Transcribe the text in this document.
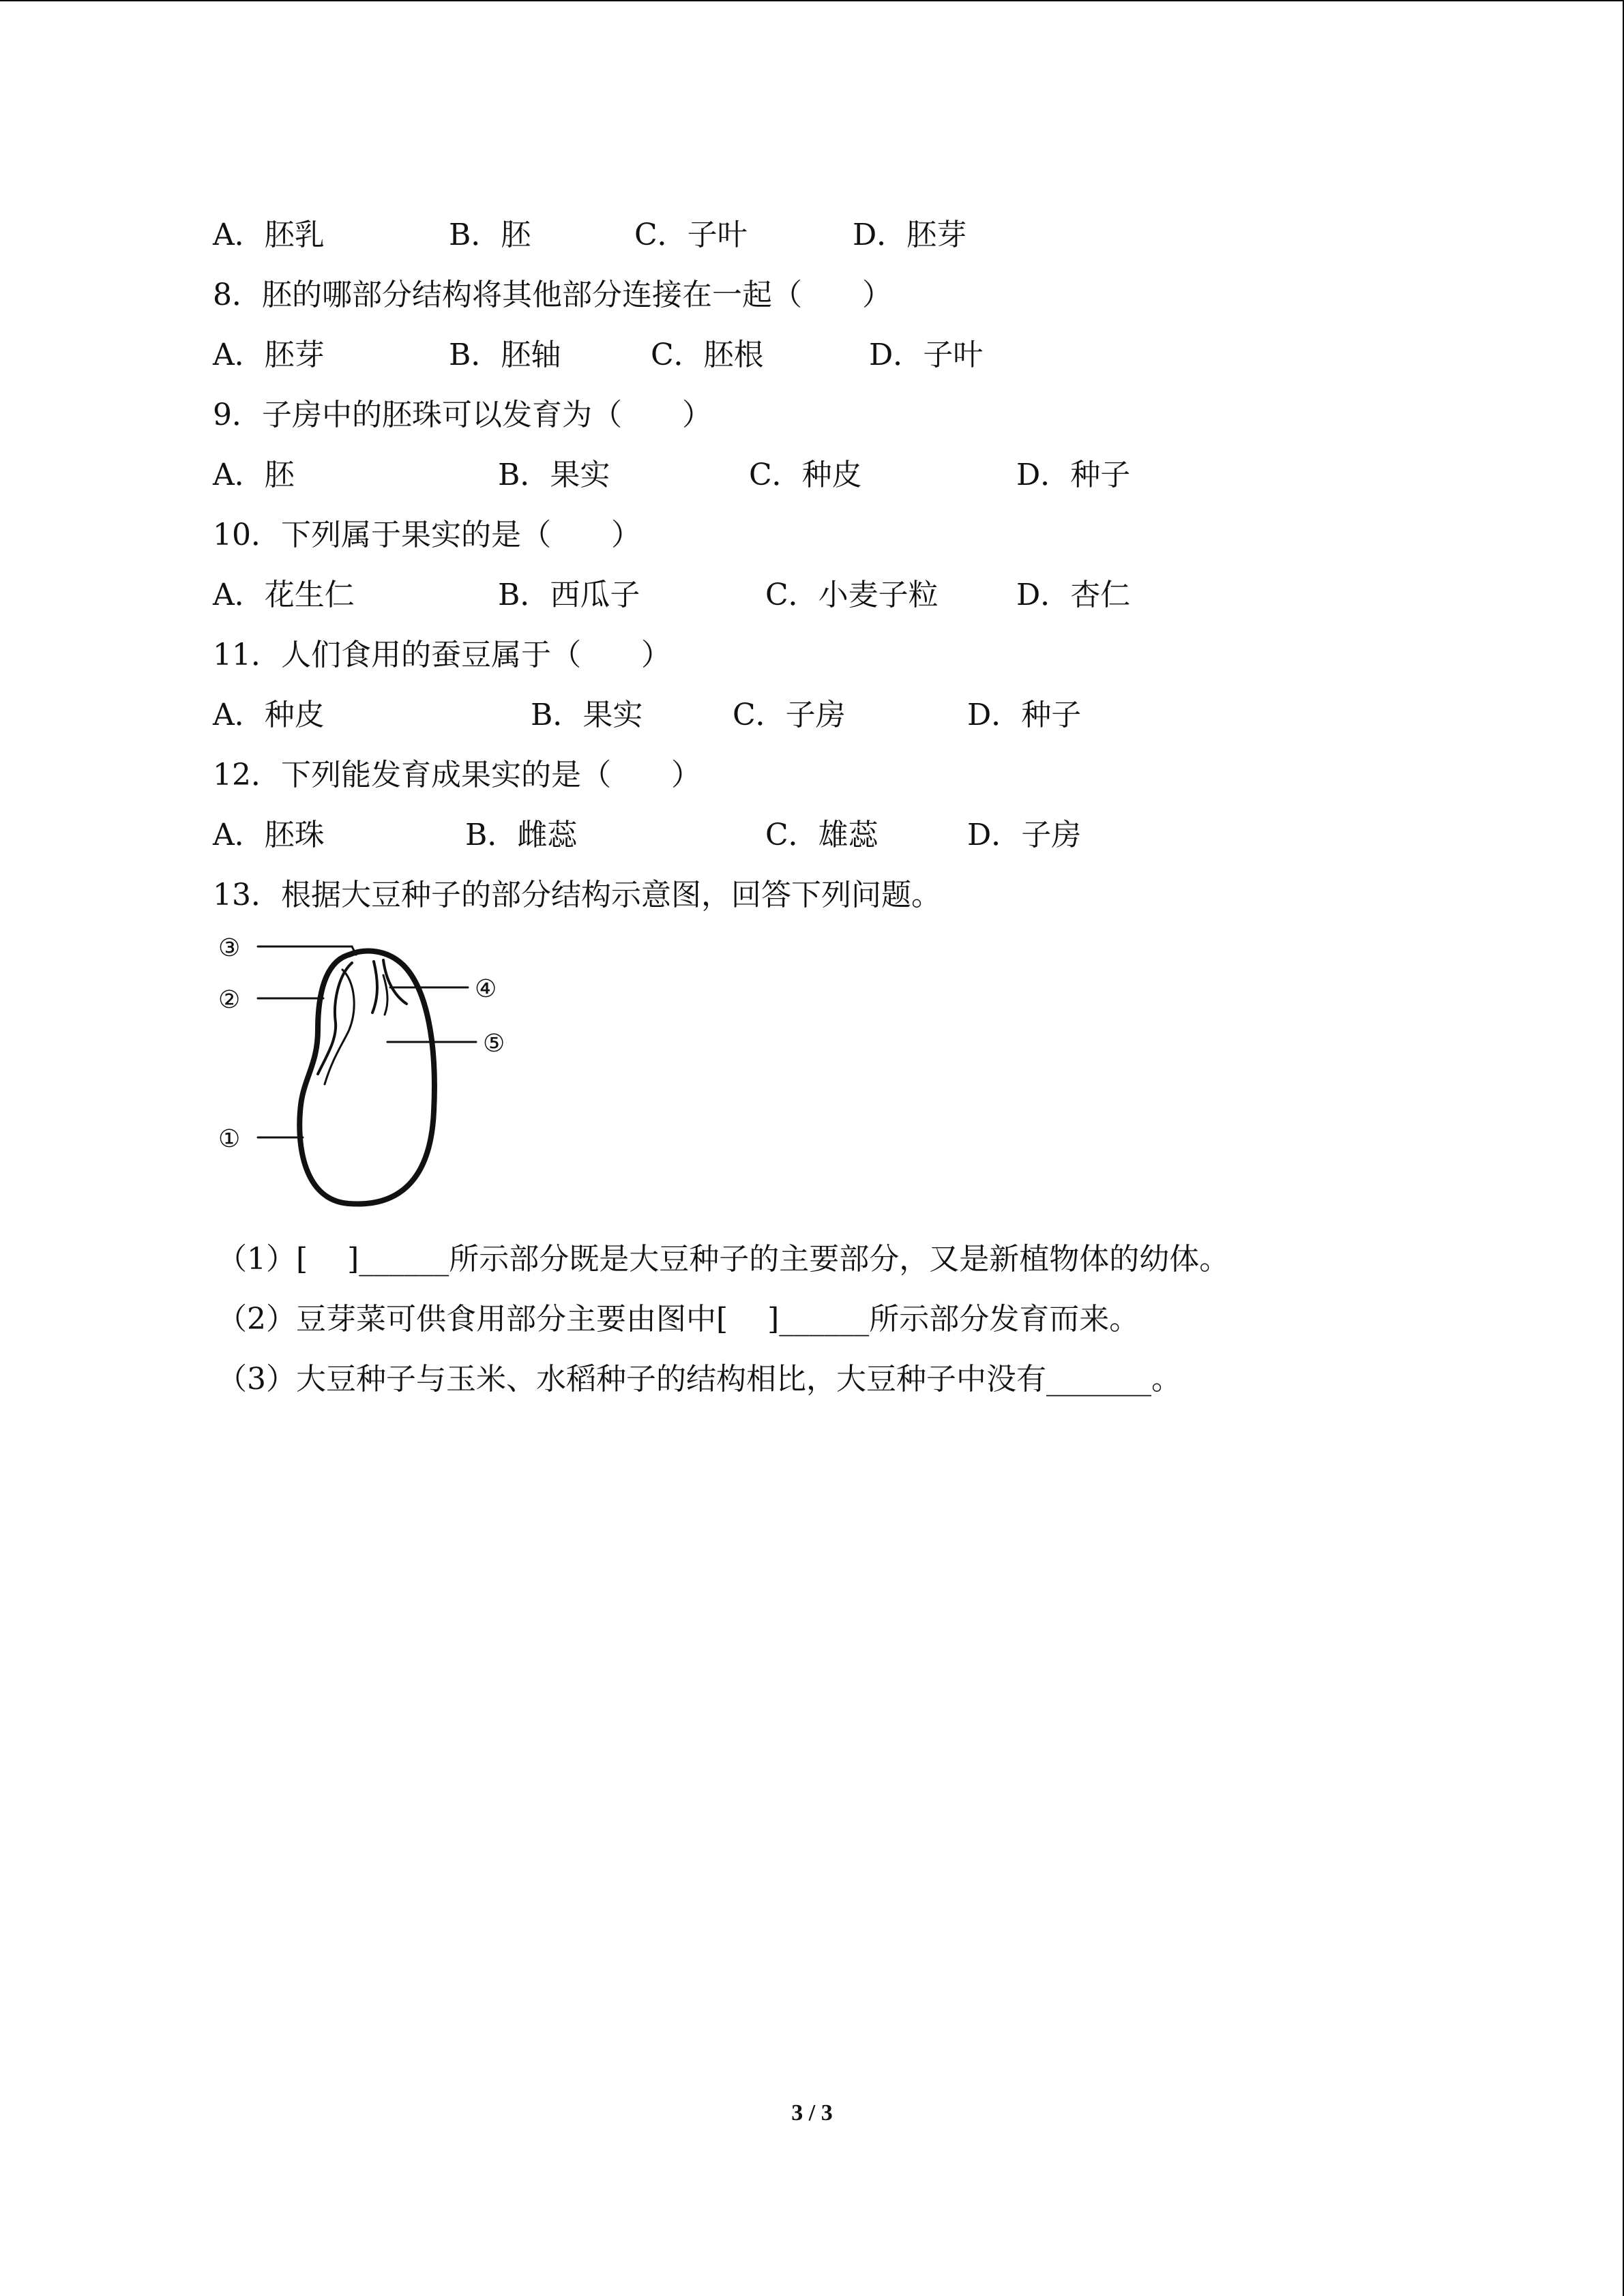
A．胚乳	B．胚	C．子叶	D．胚芽
8．胚的哪部分结构将其他部分连接在一起（　　）
A．胚芽	B．胚轴	C．胚根	D．子叶
9．子房中的胚珠可以发育为（　　）
A．胚	B．果实	C．种皮	D．种子
10．下列属于果实的是（　　）
A．花生仁	B．西瓜子	C．小麦子粒	D．杏仁
11．人们食用的蚕豆属于（　　）
A．种皮	B．果实	C．子房	D．种子
12．下列能发育成果实的是（　　）
A．胚珠	B．雌蕊	C．雄蕊	D．子房
13．根据大豆种子的部分结构示意图，回答下列问题。
③
②
①
④
⑤
（1）[　 ]______所示部分既是大豆种子的主要部分，又是新植物体的幼体。
（2）豆芽菜可供食用部分主要由图中[　 ]______所示部分发育而来。
（3）大豆种子与玉米、水稻种子的结构相比，大豆种子中没有_______。
3 / 3
